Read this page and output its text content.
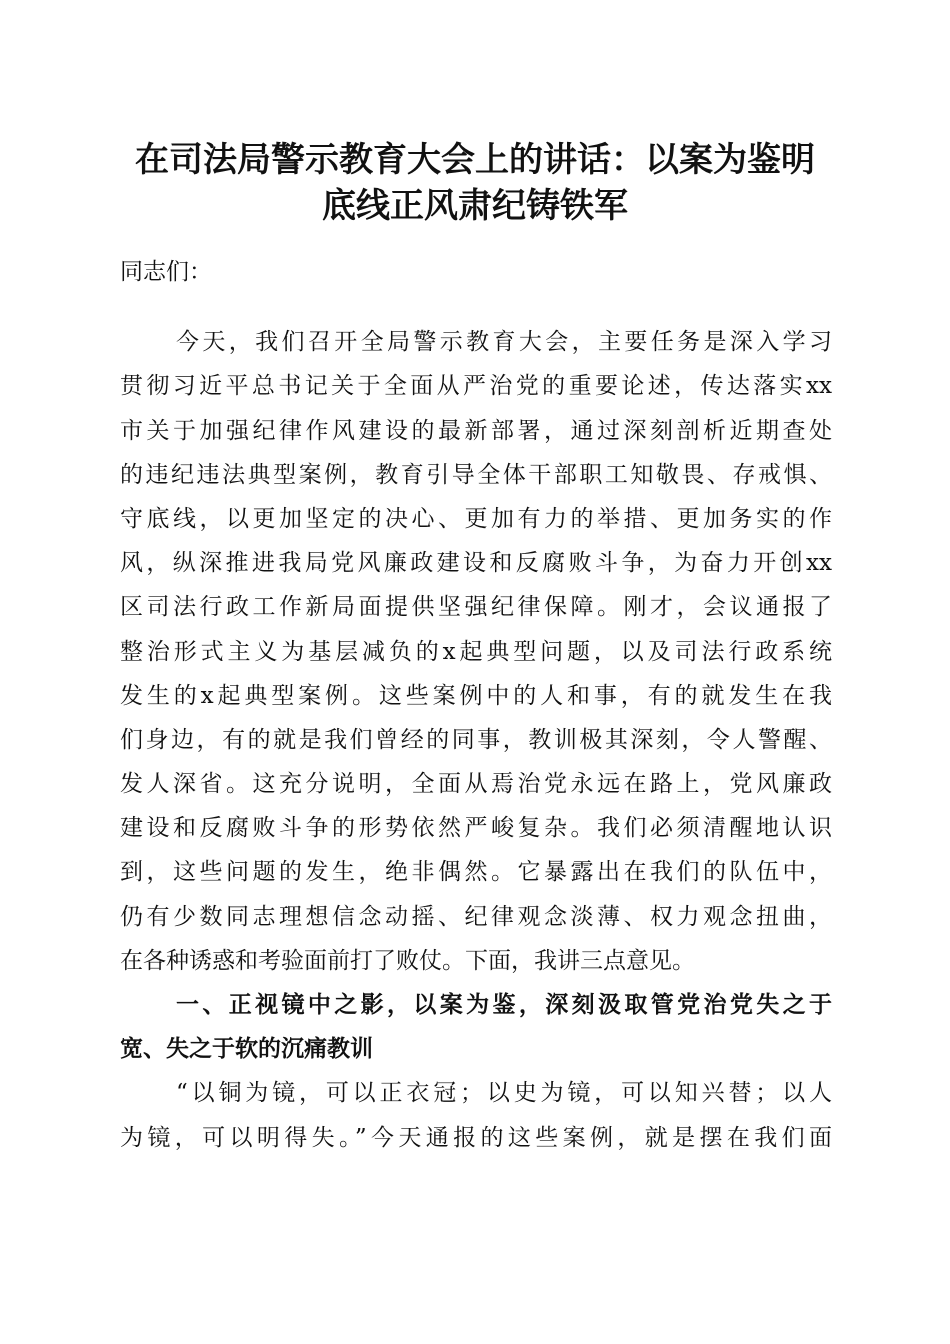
在司法局警示教育大会上的讲话：以案为鉴明
底线正风肃纪铸铁军
同志们：
今天，我们召开全局警示教育大会，主要任务是深入学习
贯彻习近平总书记关于全面从严治党的重要论述，传达落实xx
市关于加强纪律作风建设的最新部署，通过深刻剖析近期查处
的违纪违法典型案例，教育引导全体干部职工知敬畏、存戒惧、
守底线，以更加坚定的决心、更加有力的举措、更加务实的作
风，纵深推进我局党风廉政建设和反腐败斗争，为奋力开创xx
区司法行政工作新局面提供坚强纪律保障。刚才，会议通报了
整治形式主义为基层减负的x起典型问题，以及司法行政系统
发生的x起典型案例。这些案例中的人和事，有的就发生在我
们身边，有的就是我们曾经的同事，教训极其深刻，令人警醒、
发人深省。这充分说明，全面从焉治党永远在路上，党风廉政
建设和反腐败斗争的形势依然严峻复杂。我们必须清醒地认识
到，这些问题的发生，绝非偶然。它暴露出在我们的队伍中，
仍有少数同志理想信念动摇、纪律观念淡薄、权力观念扭曲，
在各种诱惑和考验面前打了败仗。下面，我讲三点意见。
一、正视镜中之影，以案为鉴，深刻汲取管党治党失之于
宽、失之于软的沉痛教训
“以铜为镜，可以正衣冠；以史为镜，可以知兴替；以人
为镜，可以明得失。”今天通报的这些案例，就是摆在我们面
